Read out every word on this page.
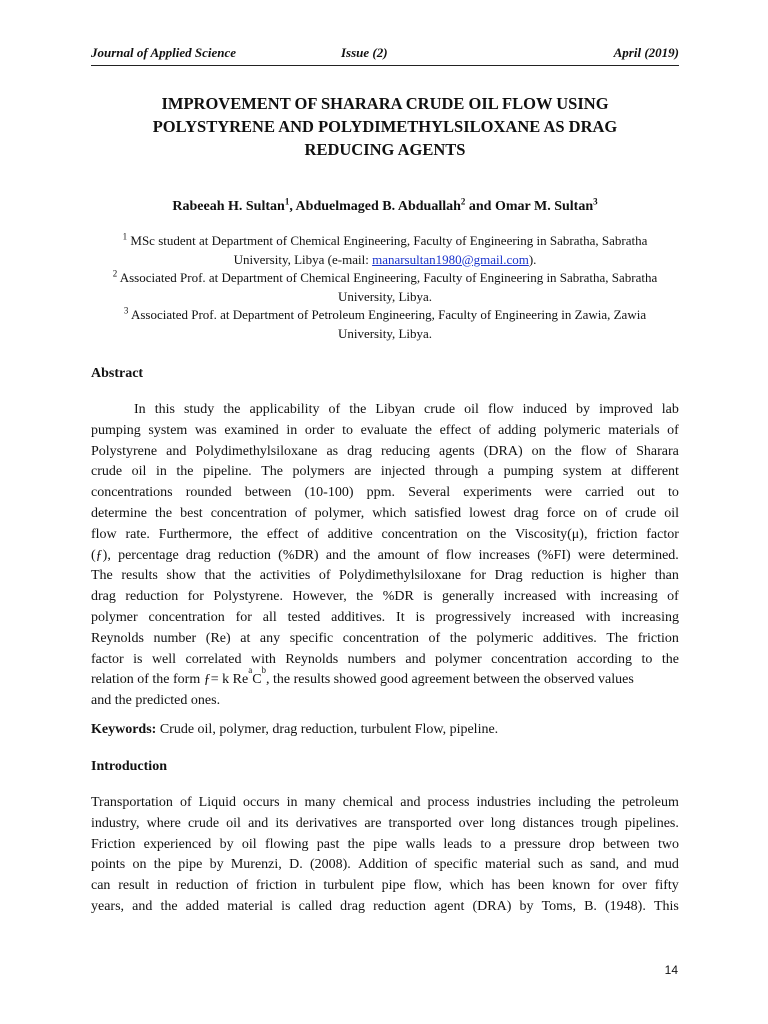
Journal of Applied Science	Issue (2)	April (2019)
IMPROVEMENT OF SHARARA CRUDE OIL FLOW USING
POLYSTYRENE AND POLYDIMETHYLSILOXANE AS DRAG
REDUCING AGENTS
Rabeeah H. Sultan$^1$, Abduelmaged B. Abduallah$^2$ and Omar M. Sultan$^3$
$^1$ MSc student at Department of Chemical Engineering, Faculty of Engineering in Sabratha, Sabratha
University, Libya (e-mail: manarsultan1980@gmail.com).
$^2$ Associated Prof. at Department of Chemical Engineering, Faculty of Engineering in Sabratha, Sabratha
University, Libya.
$^3$ Associated Prof. at Department of Petroleum Engineering, Faculty of Engineering in Zawia, Zawia
University, Libya.
Abstract
In this study the applicability of the Libyan crude oil flow induced by improved lab
pumping system was examined in order to evaluate the effect of adding polymeric materials of
Polystyrene and Polydimethylsiloxane as drag reducing agents (DRA) on the flow of Sharara
crude oil in the pipeline. The polymers are injected through a pumping system at different
concentrations rounded between (10-100) ppm. Several experiments were carried out to
determine the best concentration of polymer, which satisfied lowest drag force on of crude oil
flow rate. Furthermore, the effect of additive concentration on the Viscosity(μ), friction factor
(ƒ), percentage drag reduction (%DR) and the amount of flow increases (%FI) were determined.
The results show that the activities of Polydimethylsiloxane for Drag reduction is higher than
drag reduction for Polystyrene. However, the %DR is generally increased with increasing of
polymer concentration for all tested additives. It is progressively increased with increasing
Reynolds number (Re) at any specific concentration of the polymeric additives. The friction
factor is well correlated with Reynolds numbers and polymer concentration according to the
relation of the form ƒ= k Re
a
C
b
, the results showed good agreement between the observed values
and the predicted ones.
Keywords: Crude oil, polymer, drag reduction, turbulent Flow, pipeline.
Introduction
Transportation of Liquid occurs in many chemical and process industries including the petroleum
industry, where crude oil and its derivatives are transported over long distances trough pipelines.
Friction experienced by oil flowing past the pipe walls leads to a pressure drop between two
points on the pipe by Murenzi, D. (2008). Addition of specific material such as sand, and mud
can result in reduction of friction in turbulent pipe flow, which has been known for over fifty
years, and the added material is called drag reduction agent (DRA) by Toms, B. (1948). This
14
